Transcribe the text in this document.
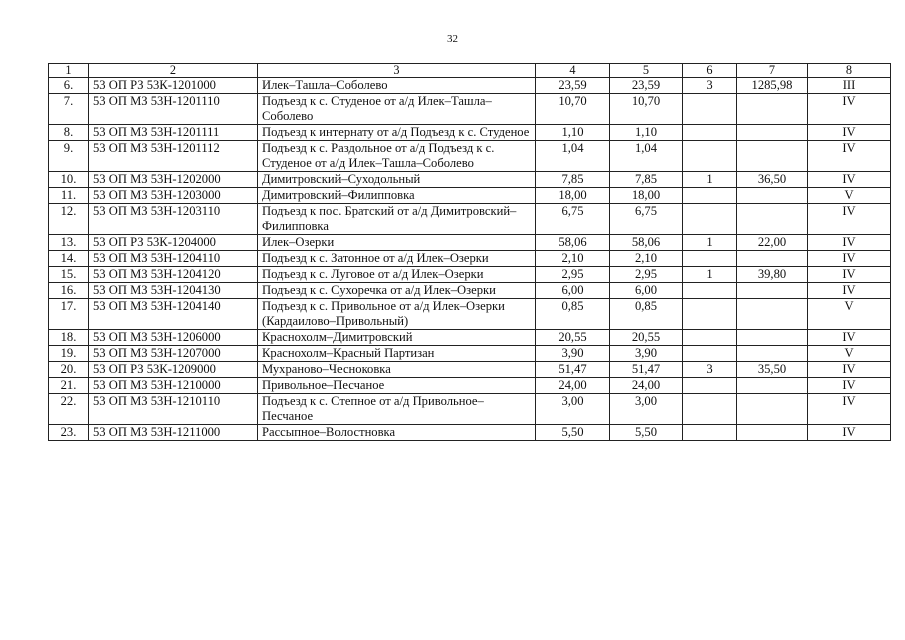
32
1	2	3	4	5	6	7	8
6.	53 ОП РЗ 53К-1201000	Илек–Ташла–Соболево	23,59	23,59	3	1285,98	III
7.	53 ОП МЗ 53Н-1201110	Подъезд к с. Студеное от а/д Илек–Ташла–Соболево	10,70	10,70			IV
8.	53 ОП МЗ 53Н-1201111	Подъезд к интернату от а/д Подъезд к с. Студеное	1,10	1,10			IV
9.	53 ОП МЗ 53Н-1201112	Подъезд к с. Раздольное от а/д Подъезд к с. Студеное от а/д Илек–Ташла–Соболево	1,04	1,04			IV
10.	53 ОП МЗ 53Н-1202000	Димитровский–Суходольный	7,85	7,85	1	36,50	IV
11.	53 ОП МЗ 53Н-1203000	Димитровский–Филипповка	18,00	18,00			V
12.	53 ОП МЗ 53Н-1203110	Подъезд к пос. Братский от а/д Димитровский–Филипповка	6,75	6,75			IV
13.	53 ОП РЗ 53К-1204000	Илек–Озерки	58,06	58,06	1	22,00	IV
14.	53 ОП МЗ 53Н-1204110	Подъезд к с. Затонное от а/д Илек–Озерки	2,10	2,10			IV
15.	53 ОП МЗ 53Н-1204120	Подъезд к с. Луговое от а/д Илек–Озерки	2,95	2,95	1	39,80	IV
16.	53 ОП МЗ 53Н-1204130	Подъезд к с. Сухоречка от а/д Илек–Озерки	6,00	6,00			IV
17.	53 ОП МЗ 53Н-1204140	Подъезд к с. Привольное от а/д Илек–Озерки (Кардаилово–Привольный)	0,85	0,85			V
18.	53 ОП МЗ 53Н-1206000	Краснохолм–Димитровский	20,55	20,55			IV
19.	53 ОП МЗ 53Н-1207000	Краснохолм–Красный Партизан	3,90	3,90			V
20.	53 ОП РЗ 53К-1209000	Мухраново–Чесноковка	51,47	51,47	3	35,50	IV
21.	53 ОП МЗ 53Н-1210000	Привольное–Песчаное	24,00	24,00			IV
22.	53 ОП МЗ 53Н-1210110	Подъезд к с. Степное от а/д Привольное–Песчаное	3,00	3,00			IV
23.	53 ОП МЗ 53Н-1211000	Рассыпное–Волостновка	5,50	5,50			IV
